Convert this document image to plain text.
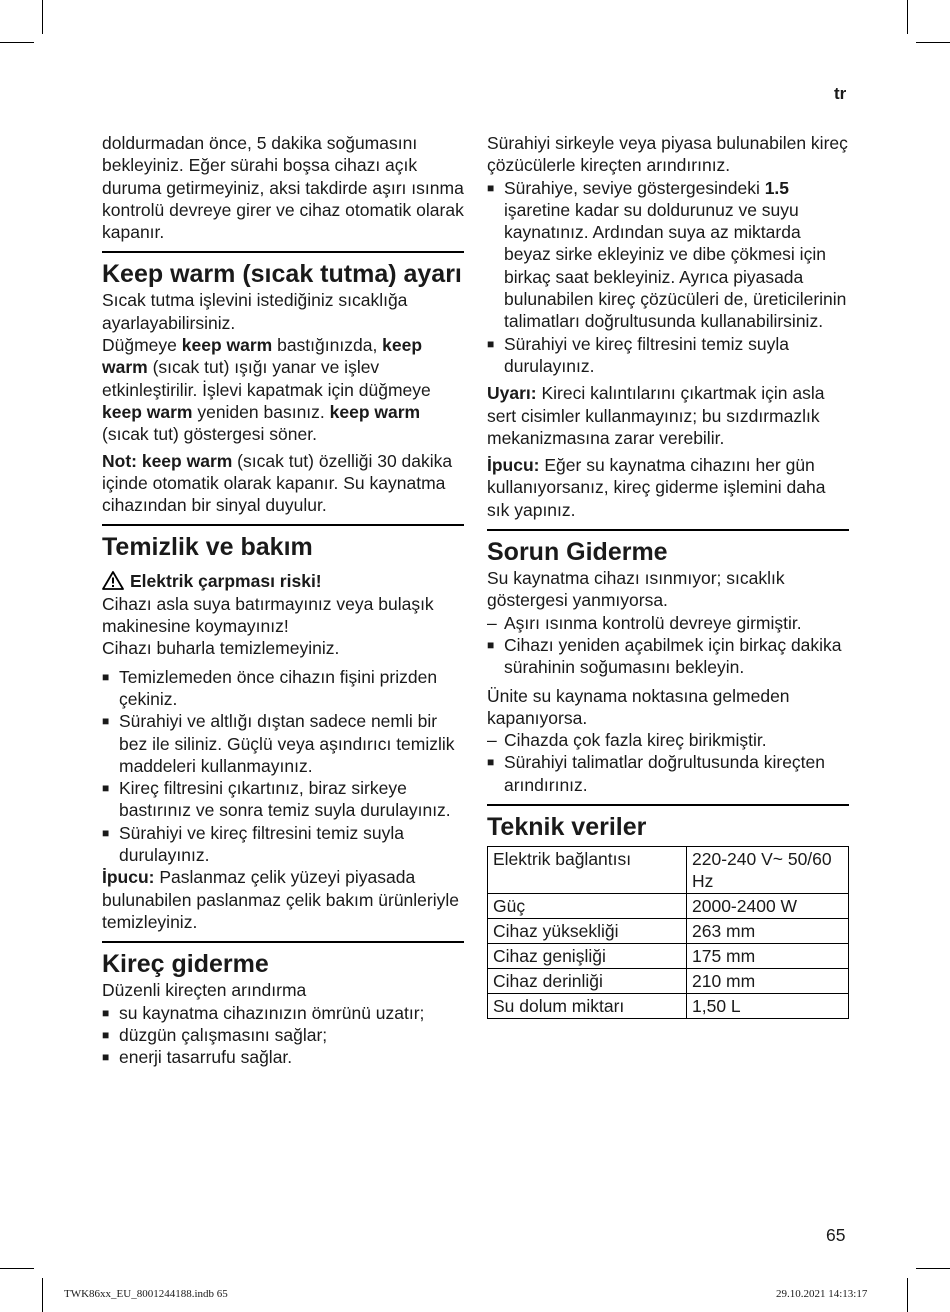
tr

doldurmadan önce, 5 dakika soğumasını bekleyiniz. Eğer sürahi boşsa cihazı açık duruma getirmeyiniz, aksi takdirde aşırı ısınma kontrolü devreye girer ve cihaz otomatik olarak kapanır.

Keep warm (sıcak tutma) ayarı

Sıcak tutma işlevini istediğiniz sıcaklığa ayarlayabilirsiniz.

Düğmeye keep warm bastığınızda, keep warm (sıcak tut) ışığı yanar ve işlev etkinleştirilir. İşlevi kapatmak için düğmeye keep warm yeniden basınız. keep warm (sıcak tut) göstergesi söner.

Not: keep warm (sıcak tut) özelliği 30 dakika içinde otomatik olarak kapanır. Su kaynatma cihazından bir sinyal duyulur.

Temizlik ve bakım
Elektrik çarpması riski!

Cihazı asla suya batırmayınız veya bulaşık makinesine koymayınız!

Cihazı buharla temizlemeyiniz.

■ Temizlemeden önce cihazın fişini prizden çekiniz.
■ Sürahiyi ve altlığı dıştan sadece nemli bir bez ile siliniz. Güçlü veya aşındırıcı temizlik maddeleri kullanmayınız.
■ Kireç filtresini çıkartınız, biraz sirkeye bastırınız ve sonra temiz suyla durulayınız.
■ Sürahiyi ve kireç filtresini temiz suyla durulayınız.

İpucu: Paslanmaz çelik yüzeyi piyasada bulunabilen paslanmaz çelik bakım ürünleriyle temizleyiniz.

Kireç giderme

Düzenli kireçten arındırma

■ su kaynatma cihazınızın ömrünü uzatır;
■ düzgün çalışmasını sağlar;
■ enerji tasarrufu sağlar.

Sürahiyi sirkeyle veya piyasa bulunabilen kireç çözücülerle kireçten arındırınız.

■ Sürahiye, seviye göstergesindeki 1.5 işaretine kadar su doldurunuz ve suyu kaynatınız. Ardından suya az miktarda beyaz sirke ekleyiniz ve dibe çökmesi için birkaç saat bekleyiniz. Ayrıca piyasada bulunabilen kireç çözücüleri de, üreticilerinin talimatları doğrultusunda kullanabilirsiniz.
■ Sürahiyi ve kireç filtresini temiz suyla durulayınız.

Uyarı: Kireci kalıntılarını çıkartmak için asla sert cisimler kullanmayınız; bu sızdırmazlık mekanizmasına zarar verebilir.

İpucu: Eğer su kaynatma cihazını her gün kullanıyorsanız, kireç giderme işlemini daha sık yapınız.

Sorun Giderme

Su kaynatma cihazı ısınmıyor; sıcaklık göstergesi yanmıyorsa.

– Aşırı ısınma kontrolü devreye girmiştir.
■ Cihazı yeniden açabilmek için birkaç dakika sürahinin soğumasını bekleyin.

Ünite su kaynama noktasına gelmeden kapanıyorsa.

– Cihazda çok fazla kireç birikmiştir.
■ Sürahiyi talimatlar doğrultusunda kireçten arındırınız.
Teknik veriler
Elektrik bağlantısı	220-240 V~ 50/60 Hz
Güç	2000-2400 W
Cihaz yüksekliği	263 mm
Cihaz genişliği	175 mm
Cihaz derinliği	210 mm
Su dolum miktarı	1,50 L
65
TWK86xx_EU_8001244188.indb 65	29.10.2021 14:13:17
